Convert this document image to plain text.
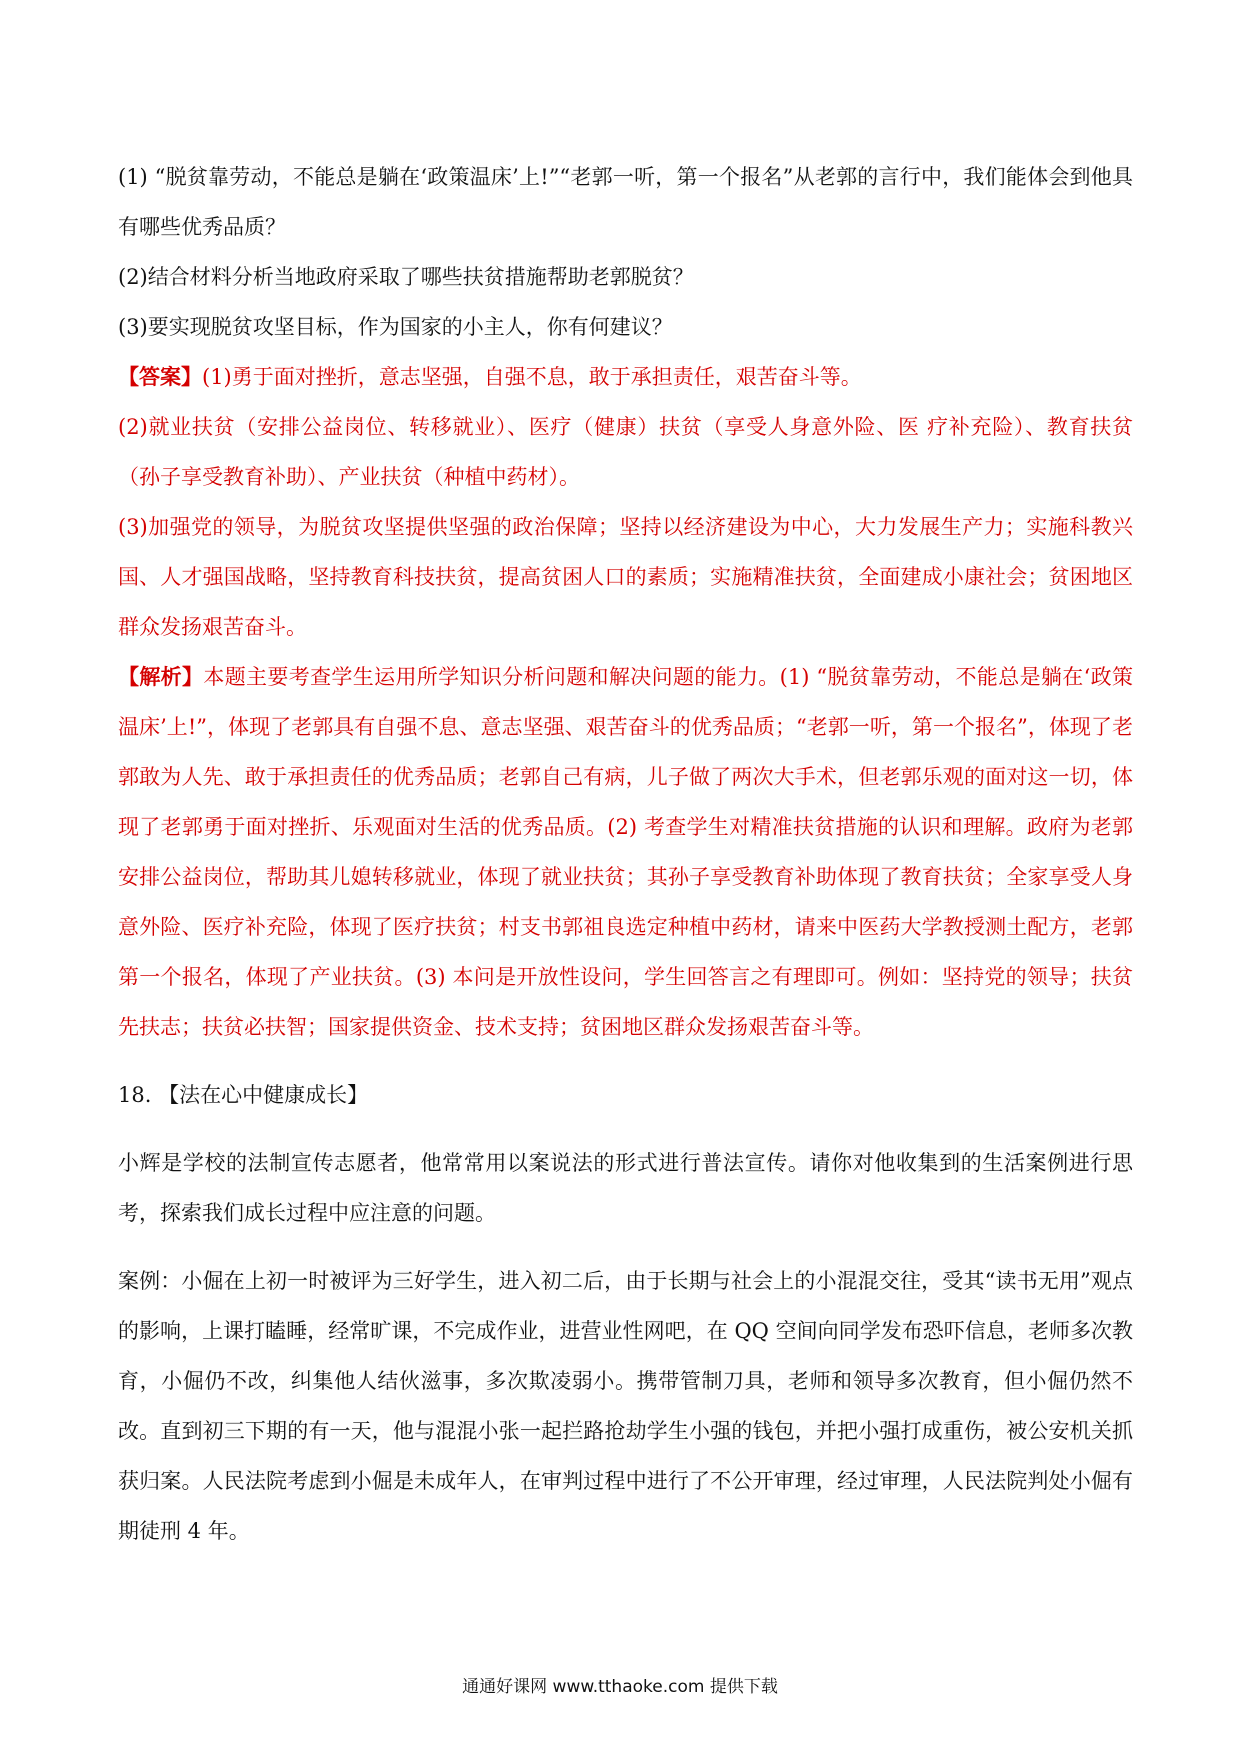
(1) “脱贫靠劳动，不能总是躺在‘政策温床’上!”“老郭一听，第一个报名”从老郭的言行中，我们能体会到他具有哪些优秀品质？

(2)结合材料分析当地政府采取了哪些扶贫措施帮助老郭脱贫？

(3)要实现脱贫攻坚目标，作为国家的小主人，你有何建议？

【答案】(1)勇于面对挫折，意志坚强，自强不息，敢于承担责任，艰苦奋斗等。

(2)就业扶贫（安排公益岗位、转移就业）、医疗（健康）扶贫（享受人身意外险、医 疗补充险）、教育扶贫（孙子享受教育补助）、产业扶贫（种植中药材）。

(3)加强党的领导，为脱贫攻坚提供坚强的政治保障；坚持以经济建设为中心，大力发展生产力；实施科教兴国、人才强国战略，坚持教育科技扶贫，提高贫困人口的素质；实施精准扶贫，全面建成小康社会；贫困地区群众发扬艰苦奋斗。

【解析】本题主要考查学生运用所学知识分析问题和解决问题的能力。(1) “脱贫靠劳动，不能总是躺在‘政策温床’上!”，体现了老郭具有自强不息、意志坚强、艰苦奋斗的优秀品质；“老郭一听，第一个报名”，体现了老郭敢为人先、敢于承担责任的优秀品质；老郭自己有病，儿子做了两次大手术，但老郭乐观的面对这一切，体现了老郭勇于面对挫折、乐观面对生活的优秀品质。(2) 考查学生对精准扶贫措施的认识和理解。政府为老郭安排公益岗位，帮助其儿媳转移就业，体现了就业扶贫；其孙子享受教育补助体现了教育扶贫；全家享受人身意外险、医疗补充险，体现了医疗扶贫；村支书郭祖良选定种植中药材，请来中医药大学教授测土配方，老郭第一个报名，体现了产业扶贫。(3) 本问是开放性设问，学生回答言之有理即可。例如：坚持党的领导；扶贫先扶志；扶贫必扶智；国家提供资金、技术支持；贫困地区群众发扬艰苦奋斗等。

18. 【法在心中健康成长】

小辉是学校的法制宣传志愿者，他常常用以案说法的形式进行普法宣传。请你对他收集到的生活案例进行思考，探索我们成长过程中应注意的问题。

案例：小倔在上初一时被评为三好学生，进入初二后，由于长期与社会上的小混混交往，受其“读书无用”观点的影响，上课打瞌睡，经常旷课，不完成作业，进营业性网吧，在 QQ 空间向同学发布恐吓信息，老师多次教育，小倔仍不改，纠集他人结伙滋事，多次欺凌弱小。携带管制刀具，老师和领导多次教育，但小倔仍然不改。直到初三下期的有一天，他与混混小张一起拦路抢劫学生小强的钱包，并把小强打成重伤，被公安机关抓获归案。人民法院考虑到小倔是未成年人，在审判过程中进行了不公开审理，经过审理，人民法院判处小倔有期徒刑 4 年。

通通好课网 www.tthaoke.com 提供下载
